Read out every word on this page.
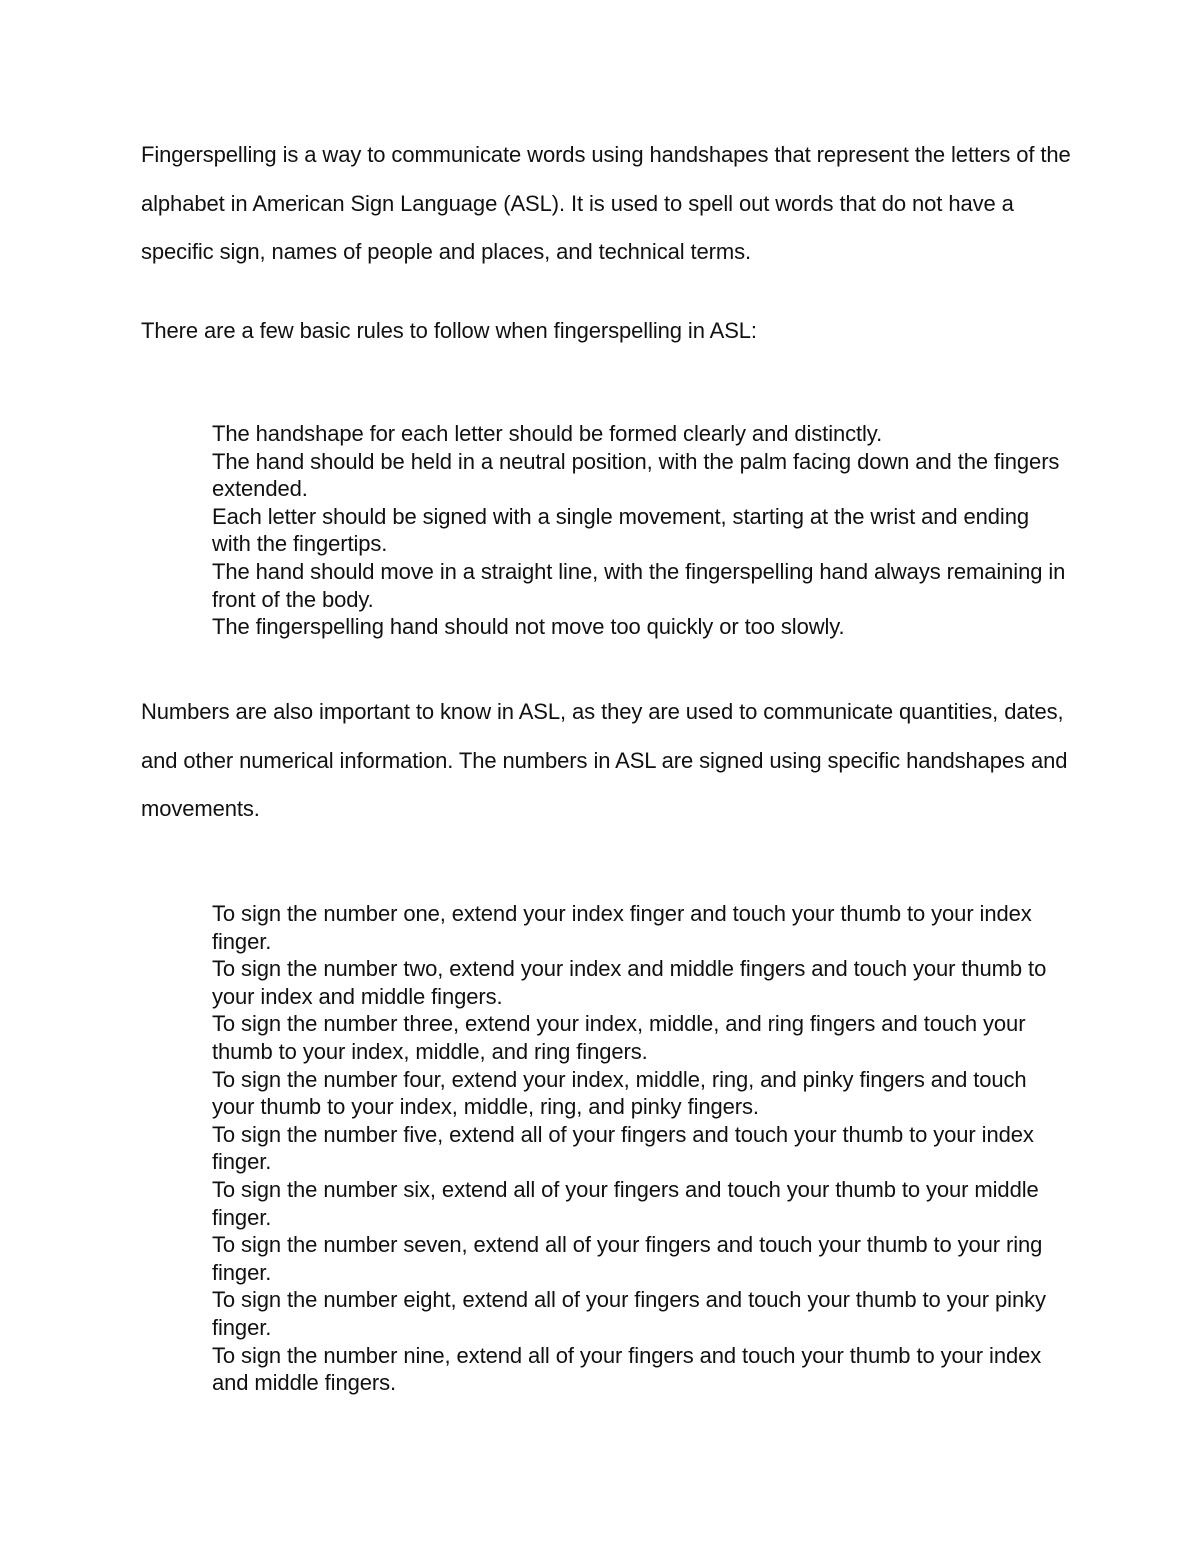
Fingerspelling is a way to communicate words using handshapes that represent the letters of the alphabet in American Sign Language (ASL). It is used to spell out words that do not have a specific sign, names of people and places, and technical terms.

There are a few basic rules to follow when fingerspelling in ASL:

The handshape for each letter should be formed clearly and distinctly.
The hand should be held in a neutral position, with the palm facing down and the fingers extended.
Each letter should be signed with a single movement, starting at the wrist and ending with the fingertips.
The hand should move in a straight line, with the fingerspelling hand always remaining in front of the body.
The fingerspelling hand should not move too quickly or too slowly.

Numbers are also important to know in ASL, as they are used to communicate quantities, dates, and other numerical information. The numbers in ASL are signed using specific handshapes and movements.

To sign the number one, extend your index finger and touch your thumb to your index finger.
To sign the number two, extend your index and middle fingers and touch your thumb to your index and middle fingers.
To sign the number three, extend your index, middle, and ring fingers and touch your thumb to your index, middle, and ring fingers.
To sign the number four, extend your index, middle, ring, and pinky fingers and touch your thumb to your index, middle, ring, and pinky fingers.
To sign the number five, extend all of your fingers and touch your thumb to your index finger.
To sign the number six, extend all of your fingers and touch your thumb to your middle finger.
To sign the number seven, extend all of your fingers and touch your thumb to your ring finger.
To sign the number eight, extend all of your fingers and touch your thumb to your pinky finger.
To sign the number nine, extend all of your fingers and touch your thumb to your index and middle fingers.
